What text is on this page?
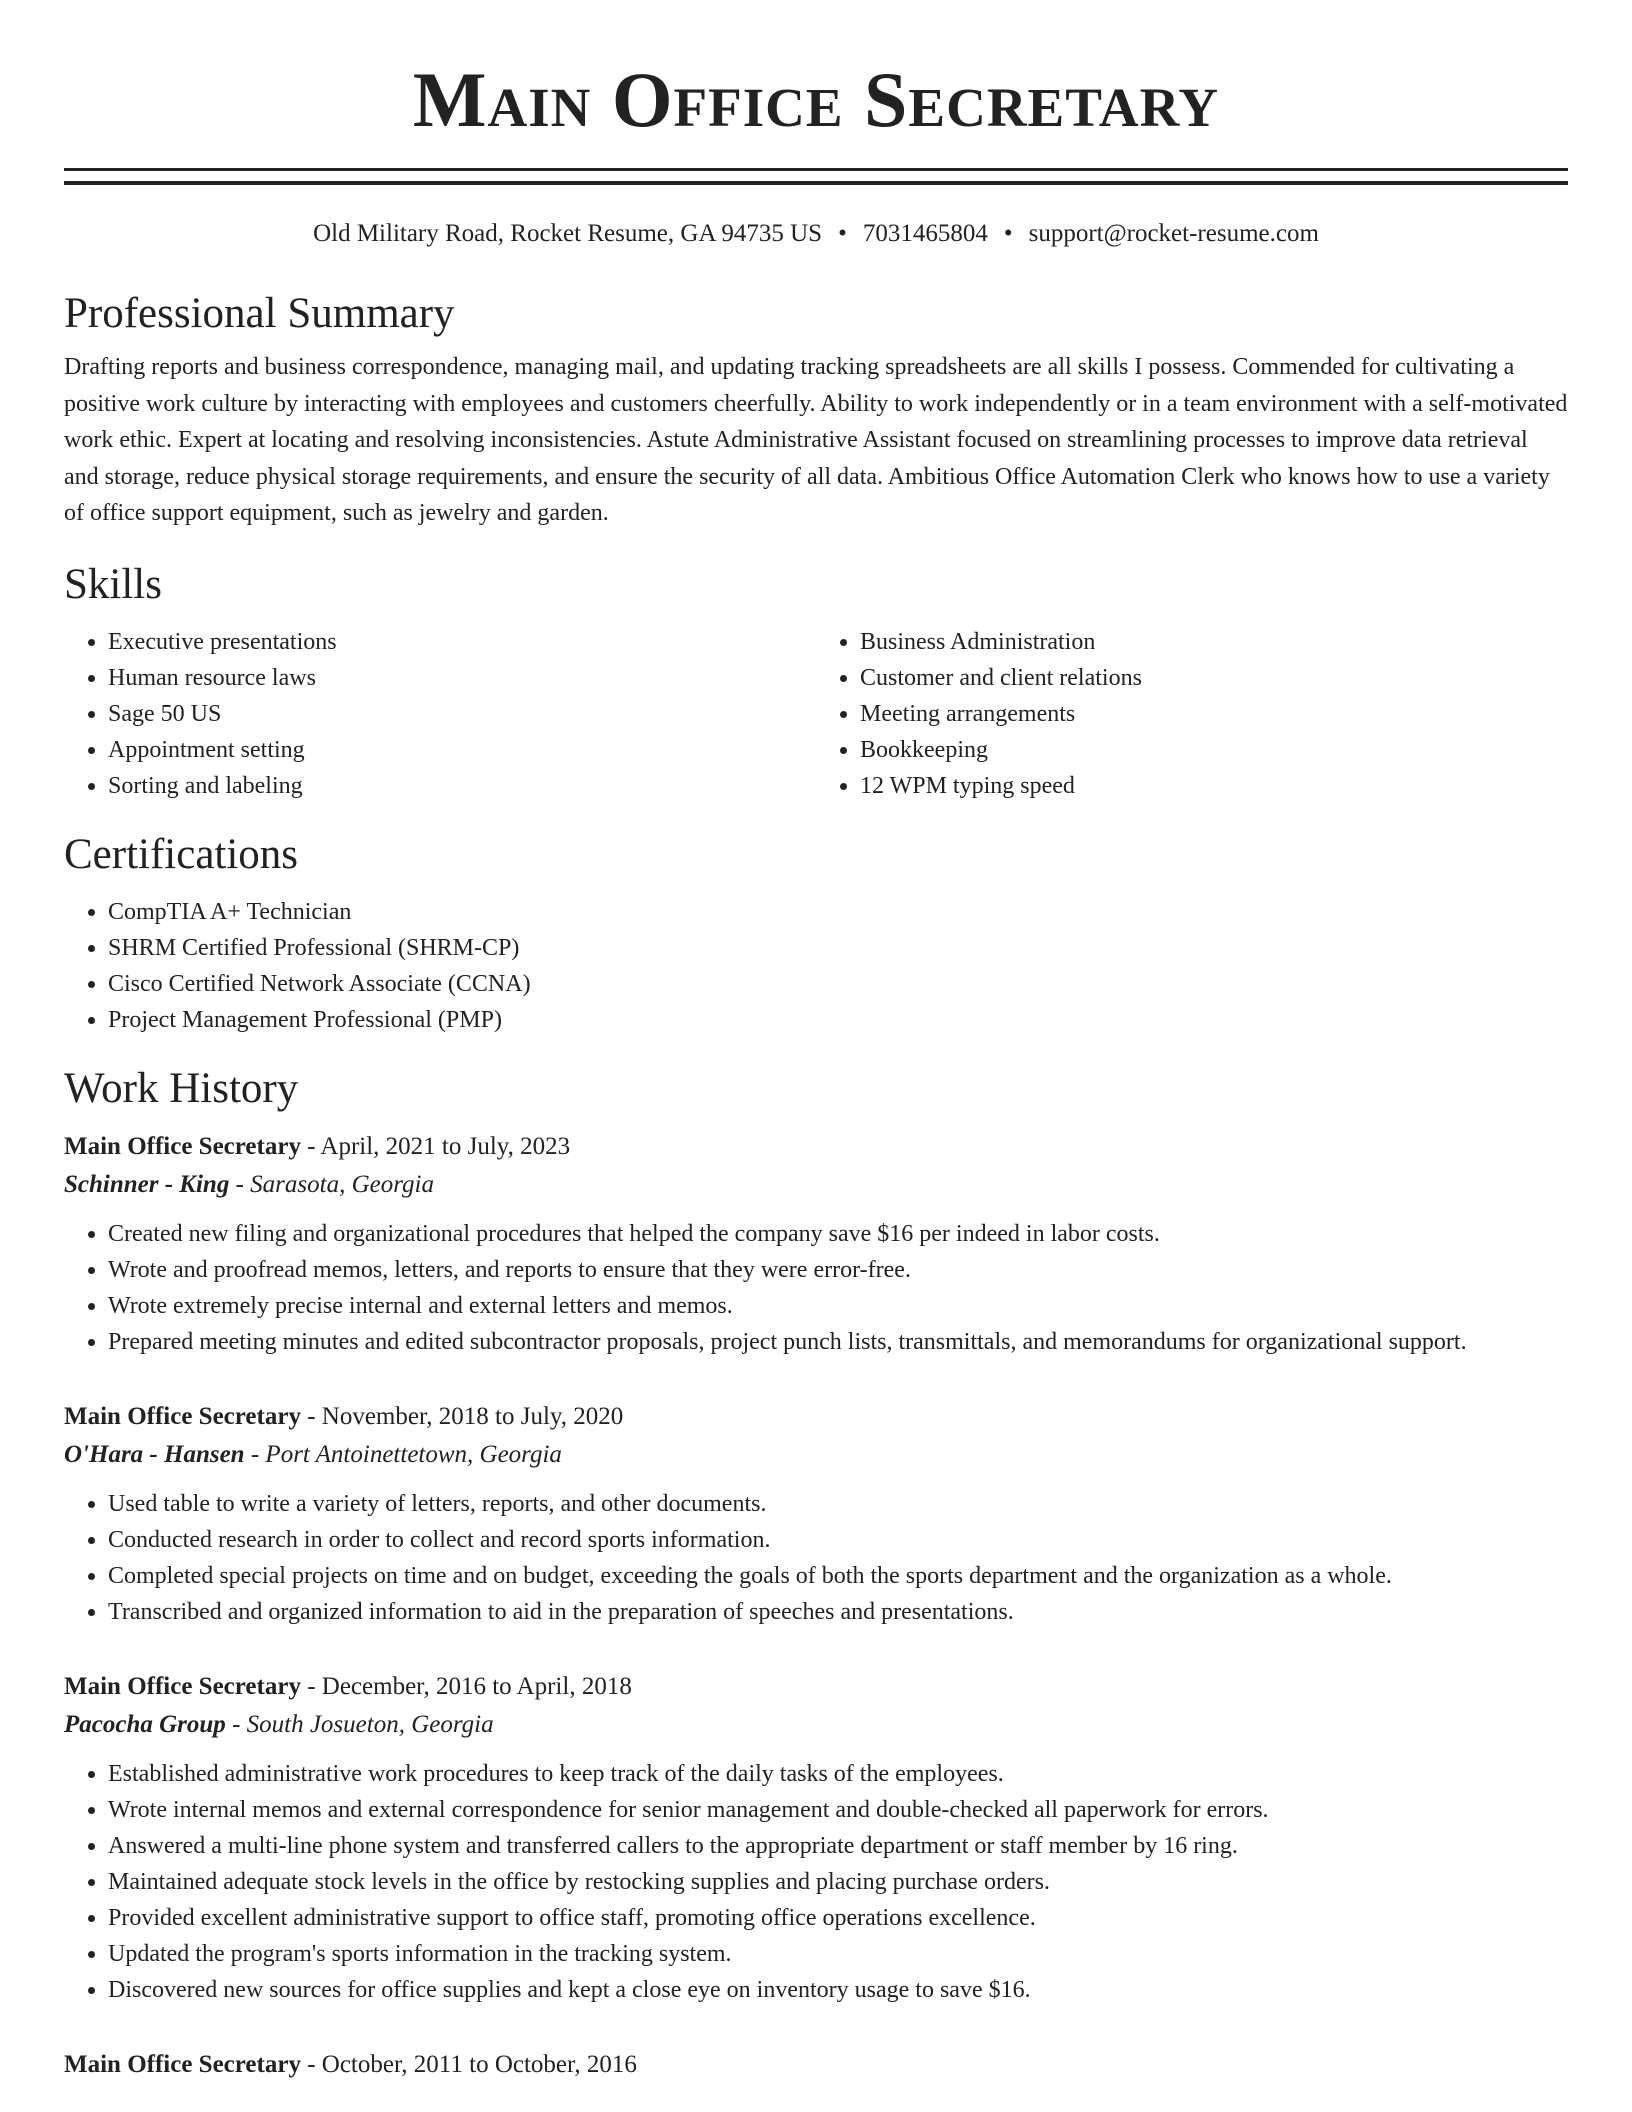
Main Office Secretary
Old Military Road, Rocket Resume, GA 94735 US • 7031465804 • support@rocket-resume.com
Professional Summary
Drafting reports and business correspondence, managing mail, and updating tracking spreadsheets are all skills I possess. Commended for cultivating a positive work culture by interacting with employees and customers cheerfully. Ability to work independently or in a team environment with a self-motivated work ethic. Expert at locating and resolving inconsistencies. Astute Administrative Assistant focused on streamlining processes to improve data retrieval and storage, reduce physical storage requirements, and ensure the security of all data. Ambitious Office Automation Clerk who knows how to use a variety of office support equipment, such as jewelry and garden.
Skills
• Executive presentations
• Human resource laws
• Sage 50 US
• Appointment setting
• Sorting and labeling
• Business Administration
• Customer and client relations
• Meeting arrangements
• Bookkeeping
• 12 WPM typing speed
Certifications
• CompTIA A+ Technician
• SHRM Certified Professional (SHRM-CP)
• Cisco Certified Network Associate (CCNA)
• Project Management Professional (PMP)
Work History
Main Office Secretary - April, 2021 to July, 2023
Schinner - King - Sarasota, Georgia
• Created new filing and organizational procedures that helped the company save $16 per indeed in labor costs.
• Wrote and proofread memos, letters, and reports to ensure that they were error-free.
• Wrote extremely precise internal and external letters and memos.
• Prepared meeting minutes and edited subcontractor proposals, project punch lists, transmittals, and memorandums for organizational support.
Main Office Secretary - November, 2018 to July, 2020
O'Hara - Hansen - Port Antoinettetown, Georgia
• Used table to write a variety of letters, reports, and other documents.
• Conducted research in order to collect and record sports information.
• Completed special projects on time and on budget, exceeding the goals of both the sports department and the organization as a whole.
• Transcribed and organized information to aid in the preparation of speeches and presentations.
Main Office Secretary - December, 2016 to April, 2018
Pacocha Group - South Josueton, Georgia
• Established administrative work procedures to keep track of the daily tasks of the employees.
• Wrote internal memos and external correspondence for senior management and double-checked all paperwork for errors.
• Answered a multi-line phone system and transferred callers to the appropriate department or staff member by 16 ring.
• Maintained adequate stock levels in the office by restocking supplies and placing purchase orders.
• Provided excellent administrative support to office staff, promoting office operations excellence.
• Updated the program's sports information in the tracking system.
• Discovered new sources for office supplies and kept a close eye on inventory usage to save $16.
Main Office Secretary - October, 2011 to October, 2016
